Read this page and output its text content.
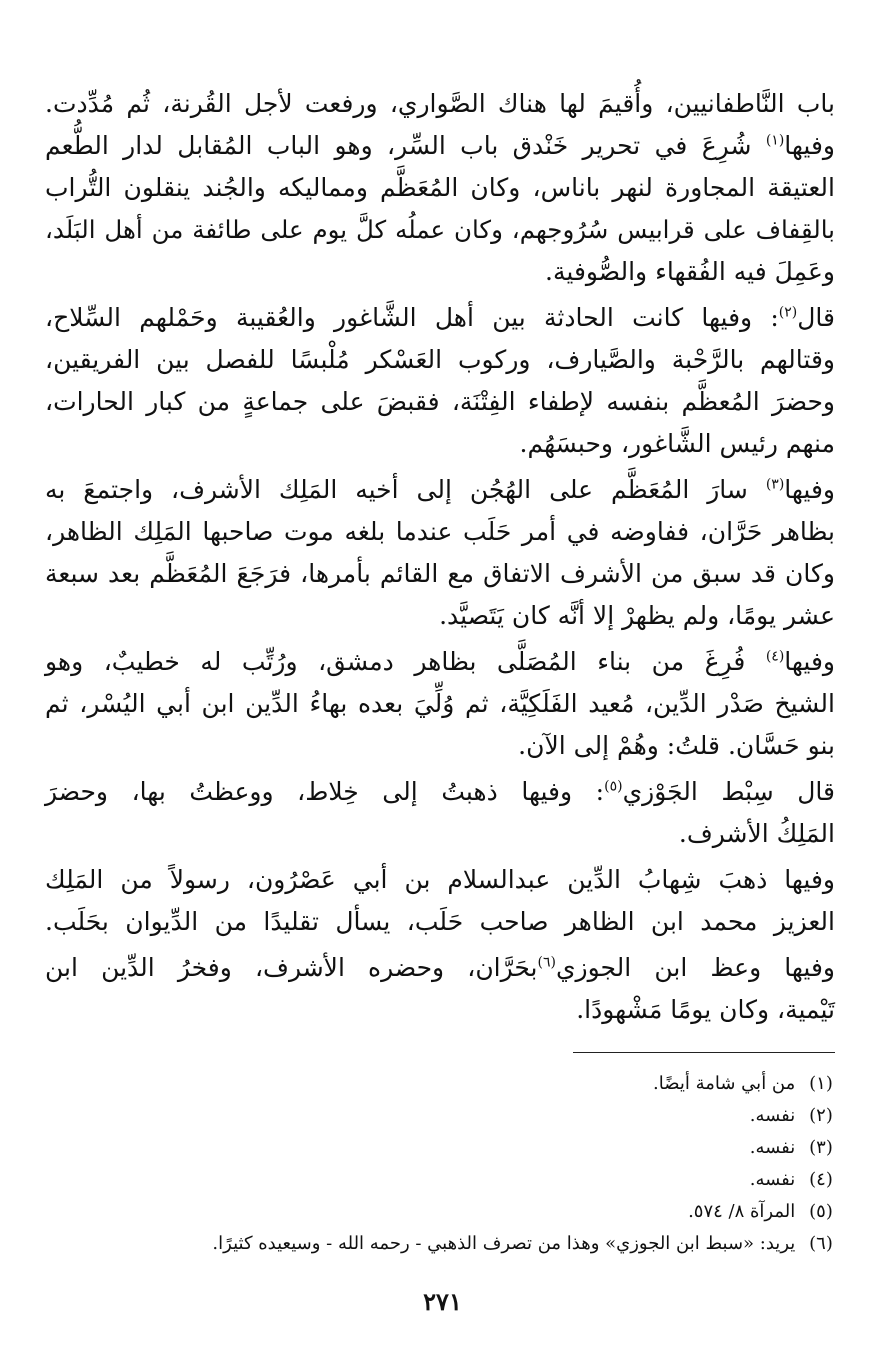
باب النَّاطفانيين، وأُقيمَ لها هناك الصَّواري، ورفعت لأجل القُرنة، ثُم مُدِّدت.
وفيها$^{(١)}$ شُرِعَ في تحرير خَنْدق باب السِّر، وهو الباب المُقابل لدار الطُّعم
العتيقة المجاورة لنهر باناس، وكان المُعَظَّم ومماليكه والجُند ينقلون التُّراب
بالقِفاف على قرابيس سُرُوجهم، وكان عملُه كلَّ يوم على طائفة من أهل البَلَد،
وعَمِلَ فيه الفُقهاء والصُّوفية.
قال$^{(٢)}$: وفيها كانت الحادثة بين أهل الشَّاغور والعُقيبة وحَمْلهم السِّلاح،
وقتالهم بالرَّحْبة والصَّيارف، وركوب العَسْكر مُلْبسًا للفصل بين الفريقين،
وحضرَ المُعظَّم بنفسه لإطفاء الفِتْنَة، فقبضَ على جماعةٍ من كبار الحارات،
منهم رئيس الشَّاغور، وحبسَهُم.
وفيها$^{(٣)}$ سارَ المُعَظَّم على الهُجُن إلى أخيه المَلِك الأشرف، واجتمعَ به
بظاهر حَرَّان، ففاوضه في أمر حَلَب عندما بلغه موت صاحبها المَلِك الظاهر،
وكان قد سبق من الأشرف الاتفاق مع القائم بأمرها، فرَجَعَ المُعَظَّم بعد سبعة
عشر يومًا، ولم يظهرْ إلا أنَّه كان يَتَصيَّد.
وفيها$^{(٤)}$ فُرِغَ من بناء المُصَلَّى بظاهر دمشق، ورُتِّب له خطيبٌ، وهو
الشيخ صَدْر الدِّين، مُعيد الفَلَكِيَّة، ثم وُلِّيَ بعده بهاءُ الدِّين ابن أبي اليُسْر، ثم
بنو حَسَّان. قلتُ: وهُمْ إلى الآن.
قال سِبْط الجَوْزي$^{(٥)}$: وفيها ذهبتُ إلى خِلاط، ووعظتُ بها، وحضرَ
المَلِكُ الأشرف.
وفيها ذهبَ شِهابُ الدِّين عبدالسلام بن أبي عَصْرُون، رسولاً من المَلِك
العزيز محمد ابن الظاهر صاحب حَلَب، يسأل تقليدًا من الدِّيوان بحَلَب.
وفيها وعظ ابن الجوزي$^{(٦)}$بحَرَّان، وحضره الأشرف، وفخرُ الدِّين ابن
تَيْمية، وكان يومًا مَشْهودًا.
(١) من أبي شامة أيضًا.
(٢) نفسه.
(٣) نفسه.
(٤) نفسه.
(٥) المرآة ٨/ ٥٧٤.
(٦) يريد: «سبط ابن الجوزي» وهذا من تصرف الذهبي - رحمه الله - وسيعيده كثيرًا.
٢٧١
